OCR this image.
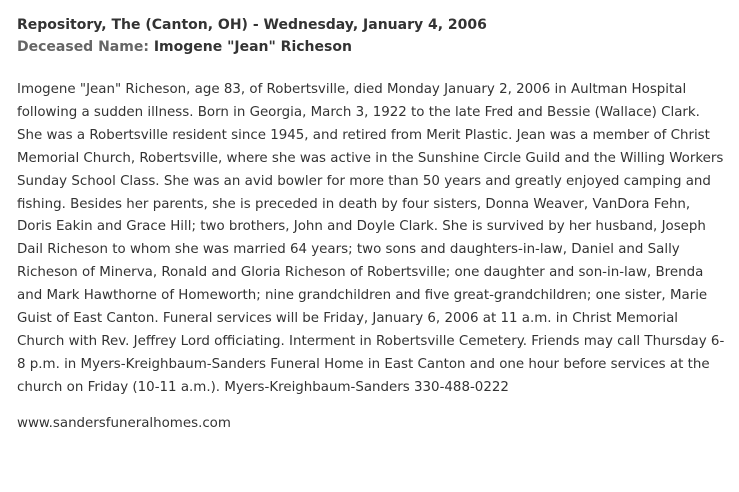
Repository, The (Canton, OH) - Wednesday, January 4, 2006
Deceased Name: Imogene "Jean" Richeson
Imogene "Jean" Richeson, age 83, of Robertsville, died Monday January 2, 2006 in Aultman Hospital following a sudden illness. Born in Georgia, March 3, 1922 to the late Fred and Bessie (Wallace) Clark. She was a Robertsville resident since 1945, and retired from Merit Plastic. Jean was a member of Christ Memorial Church, Robertsville, where she was active in the Sunshine Circle Guild and the Willing Workers Sunday School Class. She was an avid bowler for more than 50 years and greatly enjoyed camping and fishing. Besides her parents, she is preceded in death by four sisters, Donna Weaver, VanDora Fehn, Doris Eakin and Grace Hill; two brothers, John and Doyle Clark. She is survived by her husband, Joseph Dail Richeson to whom she was married 64 years; two sons and daughters-in-law, Daniel and Sally Richeson of Minerva, Ronald and Gloria Richeson of Robertsville; one daughter and son-in-law, Brenda and Mark Hawthorne of Homeworth; nine grandchildren and five great-grandchildren; one sister, Marie Guist of East Canton. Funeral services will be Friday, January 6, 2006 at 11 a.m. in Christ Memorial Church with Rev. Jeffrey Lord officiating. Interment in Robertsville Cemetery. Friends may call Thursday 6-8 p.m. in Myers-Kreighbaum-Sanders Funeral Home in East Canton and one hour before services at the church on Friday (10-11 a.m.). Myers-Kreighbaum-Sanders 330-488-0222
www.sandersfuneralhomes.com
